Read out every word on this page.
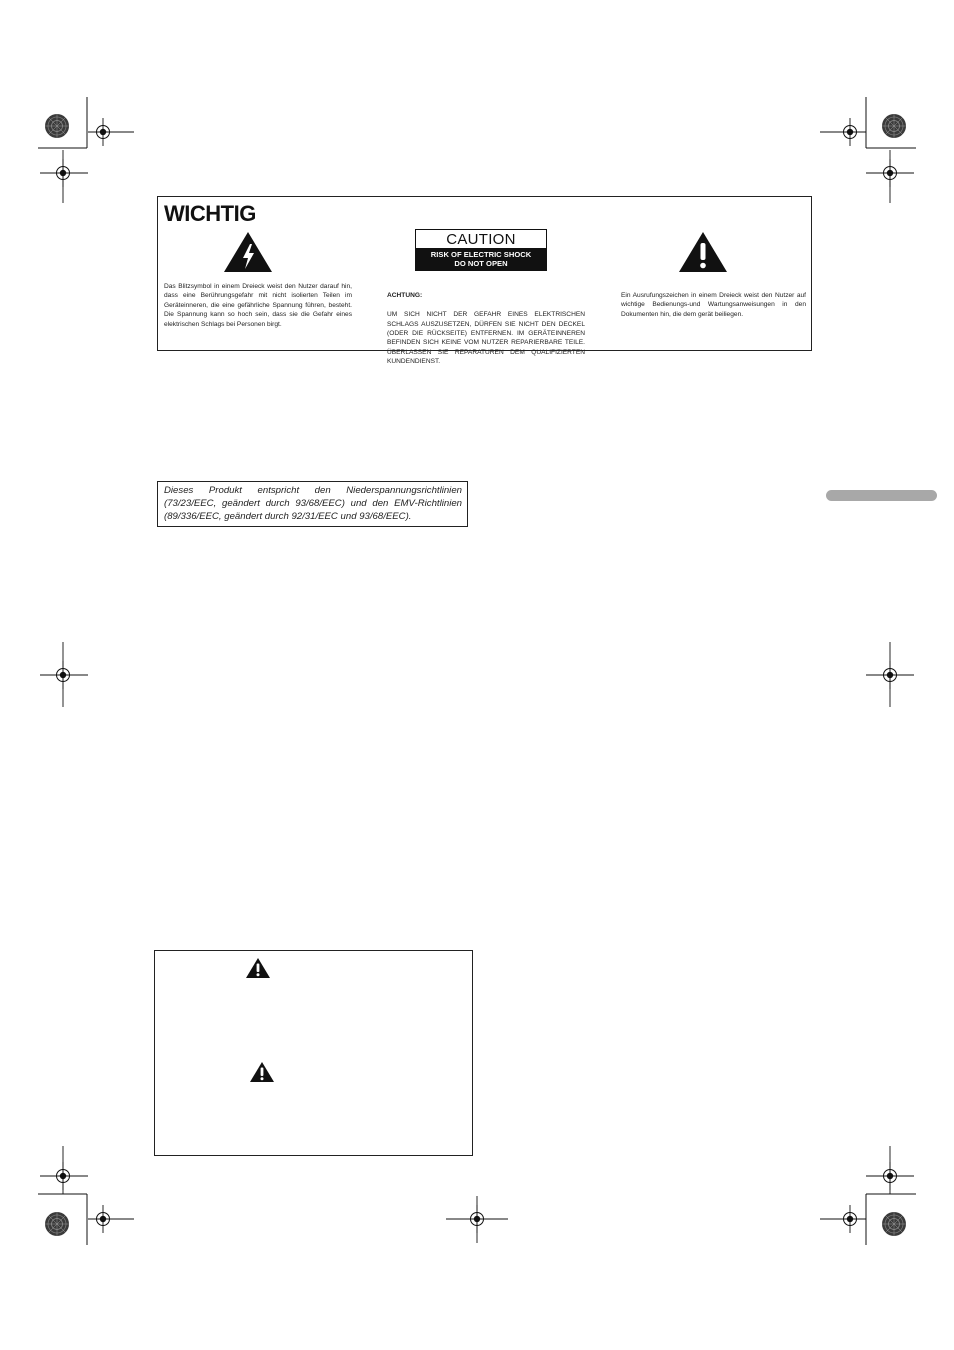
WICHTIG
Das Blitzsymbol in einem Dreieck weist den Nutzer darauf hin, dass eine Berührungsgefahr mit nicht isolierten Teilen im Geräteinneren, die eine gefährliche Spannung führen, besteht. Die Spannung kann so hoch sein, dass sie die Gefahr eines elektrischen Schlags bei Personen birgt.
CAUTION
RISK OF ELECTRIC SHOCK
DO NOT OPEN

ACHTUNG:

UM SICH NICHT DER GEFAHR EINES ELEKTRISCHEN SCHLAGS AUSZUSETZEN, DÜRFEN SIE NICHT DEN DECKEL (ODER DIE RÜCKSEITE) ENTFERNEN. IM GERÄTEINNEREN BEFINDEN SICH KEINE VOM NUTZER REPARIERBARE TEILE. ÜBERLASSEN SIE REPARATUREN DEM QUALIFIZIERTEN KUNDENDIENST.

Ein Ausrufungszeichen in einem Dreieck weist den Nutzer auf wichtige Bedienungs-und Wartungsanweisungen in den Dokumenten hin, die dem gerät beiliegen.

Dieses Produkt entspricht den Niederspannungsrichtlinien (73/23/EEC, geändert durch 93/68/EEC) und den EMV-Richtlinien (89/336/EEC, geändert durch 92/31/EEC und 93/68/EEC).
